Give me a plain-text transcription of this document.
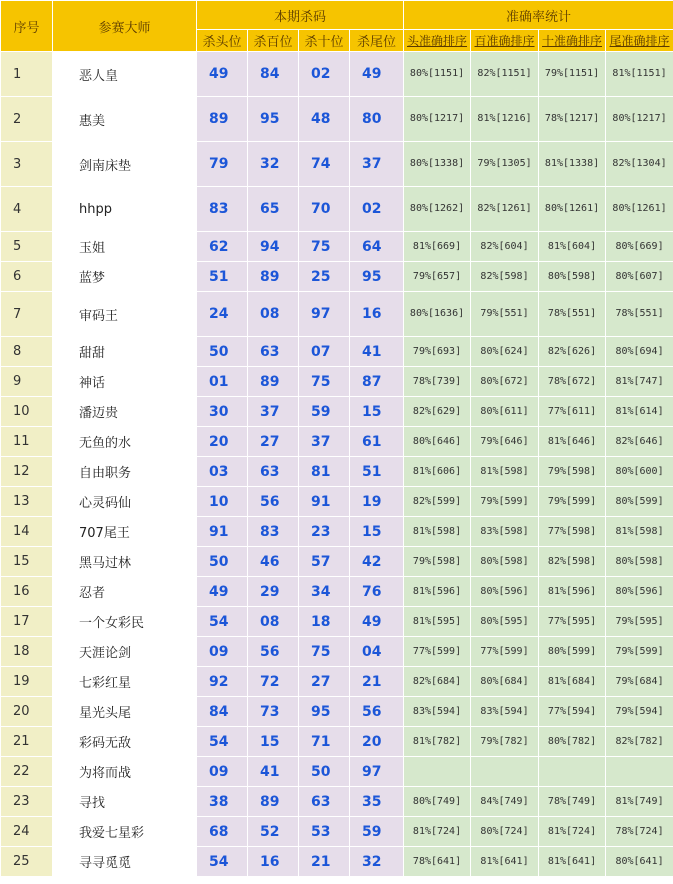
序号	参赛大师	本期杀码				准确率统计			
		杀头位	杀百位	杀十位	杀尾位	头准确排序	百准确排序	十准确排序	尾准确排序
1	恶人皇	49	84	02	49	80%[1151]	82%[1151]	79%[1151]	81%[1151]
2	惠美	89	95	48	80	80%[1217]	81%[1216]	78%[1217]	80%[1217]
3	剑南床垫	79	32	74	37	80%[1338]	79%[1305]	81%[1338]	82%[1304]
4	hhpp	83	65	70	02	80%[1262]	82%[1261]	80%[1261]	80%[1261]
5	玉姐	62	94	75	64	81%[669]	82%[604]	81%[604]	80%[669]
6	蓝梦	51	89	25	95	79%[657]	82%[598]	80%[598]	80%[607]
7	审码王	24	08	97	16	80%[1636]	79%[551]	78%[551]	78%[551]
8	甜甜	50	63	07	41	79%[693]	80%[624]	82%[626]	80%[694]
9	神话	01	89	75	87	78%[739]	80%[672]	78%[672]	81%[747]
10	潘迈贵	30	37	59	15	82%[629]	80%[611]	77%[611]	81%[614]
11	无鱼的水	20	27	37	61	80%[646]	79%[646]	81%[646]	82%[646]
12	自由职务	03	63	81	51	81%[606]	81%[598]	79%[598]	80%[600]
13	心灵码仙	10	56	91	19	82%[599]	79%[599]	79%[599]	80%[599]
14	707尾王	91	83	23	15	81%[598]	83%[598]	77%[598]	81%[598]
15	黑马过林	50	46	57	42	79%[598]	80%[598]	82%[598]	80%[598]
16	忍者	49	29	34	76	81%[596]	80%[596]	81%[596]	80%[596]
17	一个女彩民	54	08	18	49	81%[595]	80%[595]	77%[595]	79%[595]
18	天涯论剑	09	56	75	04	77%[599]	77%[599]	80%[599]	79%[599]
19	七彩红星	92	72	27	21	82%[684]	80%[684]	81%[684]	79%[684]
20	星光头尾	84	73	95	56	83%[594]	83%[594]	77%[594]	79%[594]
21	彩码无敌	54	15	71	20	81%[782]	79%[782]	80%[782]	82%[782]
22	为将而战	09	41	50	97				
23	寻找	38	89	63	35	80%[749]	84%[749]	78%[749]	81%[749]
24	我爱七星彩	68	52	53	59	81%[724]	80%[724]	81%[724]	78%[724]
25	寻寻觅觅	54	16	21	32	78%[641]	81%[641]	81%[641]	80%[641]
